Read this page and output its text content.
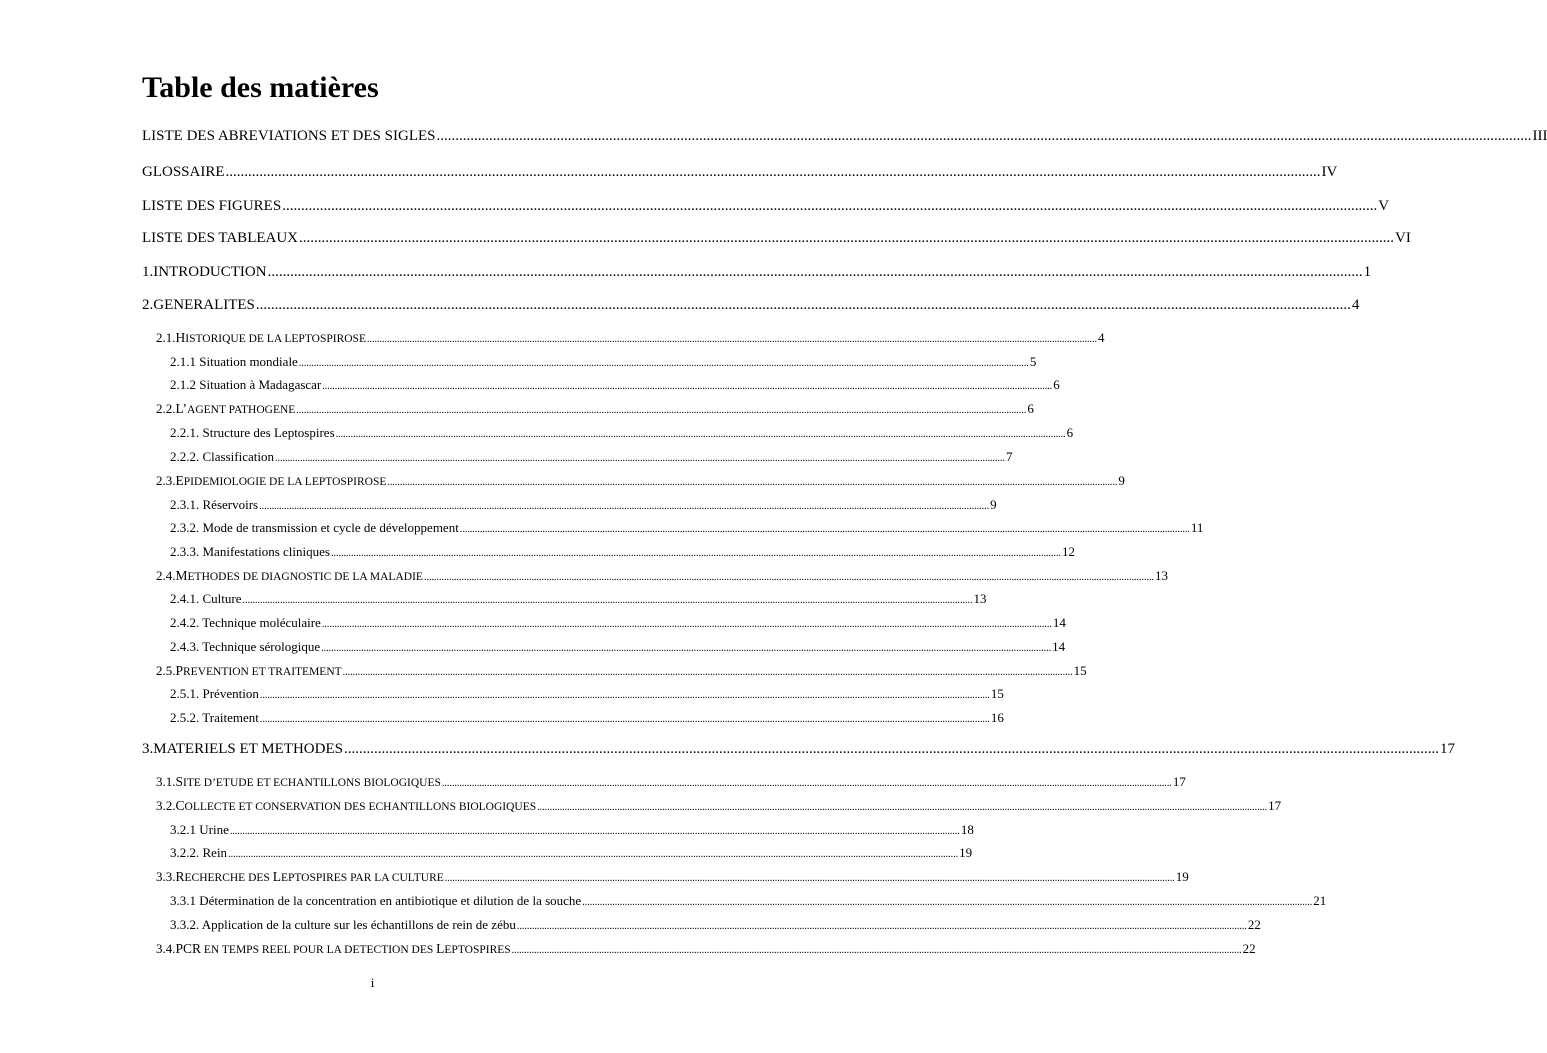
Table des matières
LISTE DES ABREVIATIONS ET DES SIGLES .....	III
GLOSSAIRE .....	IV
LISTE DES FIGURES .....	V
LISTE DES TABLEAUX .....	VI
1. INTRODUCTION .....	1
2. GENERALITES .....	4
2.1. HISTORIQUE DE LA LEPTOSPIROSE .....	4
2.1.1 Situation mondiale .....	5
2.1.2 Situation à Madagascar .....	6
2.2. L’AGENT PATHOGENE .....	6
2.2.1. Structure des Leptospires .....	6
2.2.2. Classification .....	7
2.3. EPIDEMIOLOGIE DE LA LEPTOSPIROSE .....	9
2.3.1. Réservoirs .....	9
2.3.2. Mode de transmission et cycle de développement .....	11
2.3.3. Manifestations cliniques .....	12
2.4. METHODES DE DIAGNOSTIC DE LA MALADIE .....	13
2.4.1. Culture .....	13
2.4.2. Technique moléculaire .....	14
2.4.3. Technique sérologique .....	14
2.5. PREVENTION ET TRAITEMENT .....	15
2.5.1. Prévention .....	15
2.5.2. Traitement .....	16
3. MATERIELS ET METHODES .....	17
3.1. SITE D’ETUDE ET ECHANTILLONS BIOLOGIQUES .....	17
3.2. COLLECTE ET CONSERVATION DES ECHANTILLONS BIOLOGIQUES .....	17
3.2.1 Urine .....	18
3.2.2. Rein .....	19
3.3. RECHERCHE DES LEPTOSPIRES PAR LA CULTURE .....	19
3.3.1 Détermination de la concentration en antibiotique et dilution de la souche .....	21
3.3.2. Application de la culture sur les échantillons de rein de zébu .....	22
3.4. PCR EN TEMPS REEL POUR LA DETECTION DES LEPTOSPIRES .....	22
i
